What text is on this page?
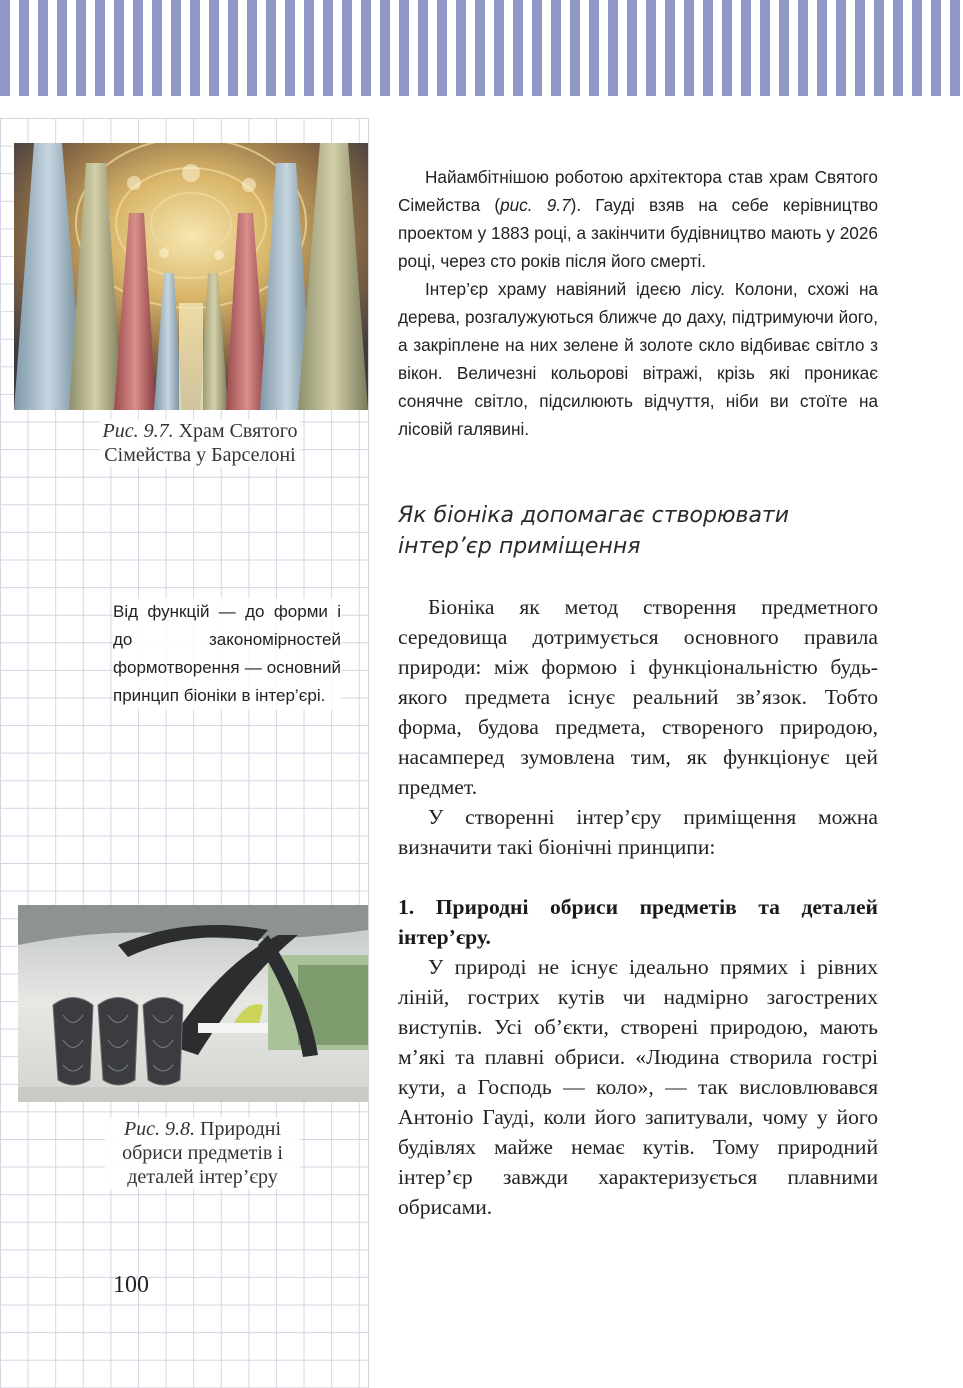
Рис. 9.7. Храм Святого Сімейства у Барселоні
Від функцій — до форми і до закономірностей формотворення — основний принцип біоніки в інтер’єрі.
Рис. 9.8. Природні обриси предметів і деталей інтер’єру
100

Найамбітнішою роботою архітектора став храм Святого Сімейства (рис. 9.7). Гауді взяв на себе керівництво проектом у 1883 році, а закінчити будівництво мають у 2026 році, через сто років після його смерті.

Інтер’єр храму навіяний ідеєю лісу. Колони, схожі на дерева, розгалужуються ближче до даху, підтримуючи його, а закріплене на них зелене й золоте скло відбиває світло з вікон. Величезні кольорові вітражі, крізь які проникає сонячне світло, підсилюють відчуття, ніби ви стоїте на лісовій галявині.

Як біоніка допомагає створювати інтер’єр приміщення

Біоніка як метод створення предметного середовища дотримується основного правила природи: між формою і функціональністю будь-якого предмета існує реальний зв’язок. Тобто форма, будова предмета, створеного природою, насамперед зумовлена тим, як функціонує цей предмет.

У створенні інтер’єру приміщення можна визначити такі біонічні принципи:

1. Природні обриси предметів та деталей інтер’єру.

У природі не існує ідеально прямих і рівних ліній, гострих кутів чи надмірно загострених виступів. Усі об’єкти, створені природою, мають м’які та плавні обриси. «Людина створила гострі кути, а Господь — коло», — так висловлювався Антоніо Гауді, коли його запитували, чому у його будівлях майже немає кутів. Тому природний інтер’єр завжди характеризується плавними обрисами.
